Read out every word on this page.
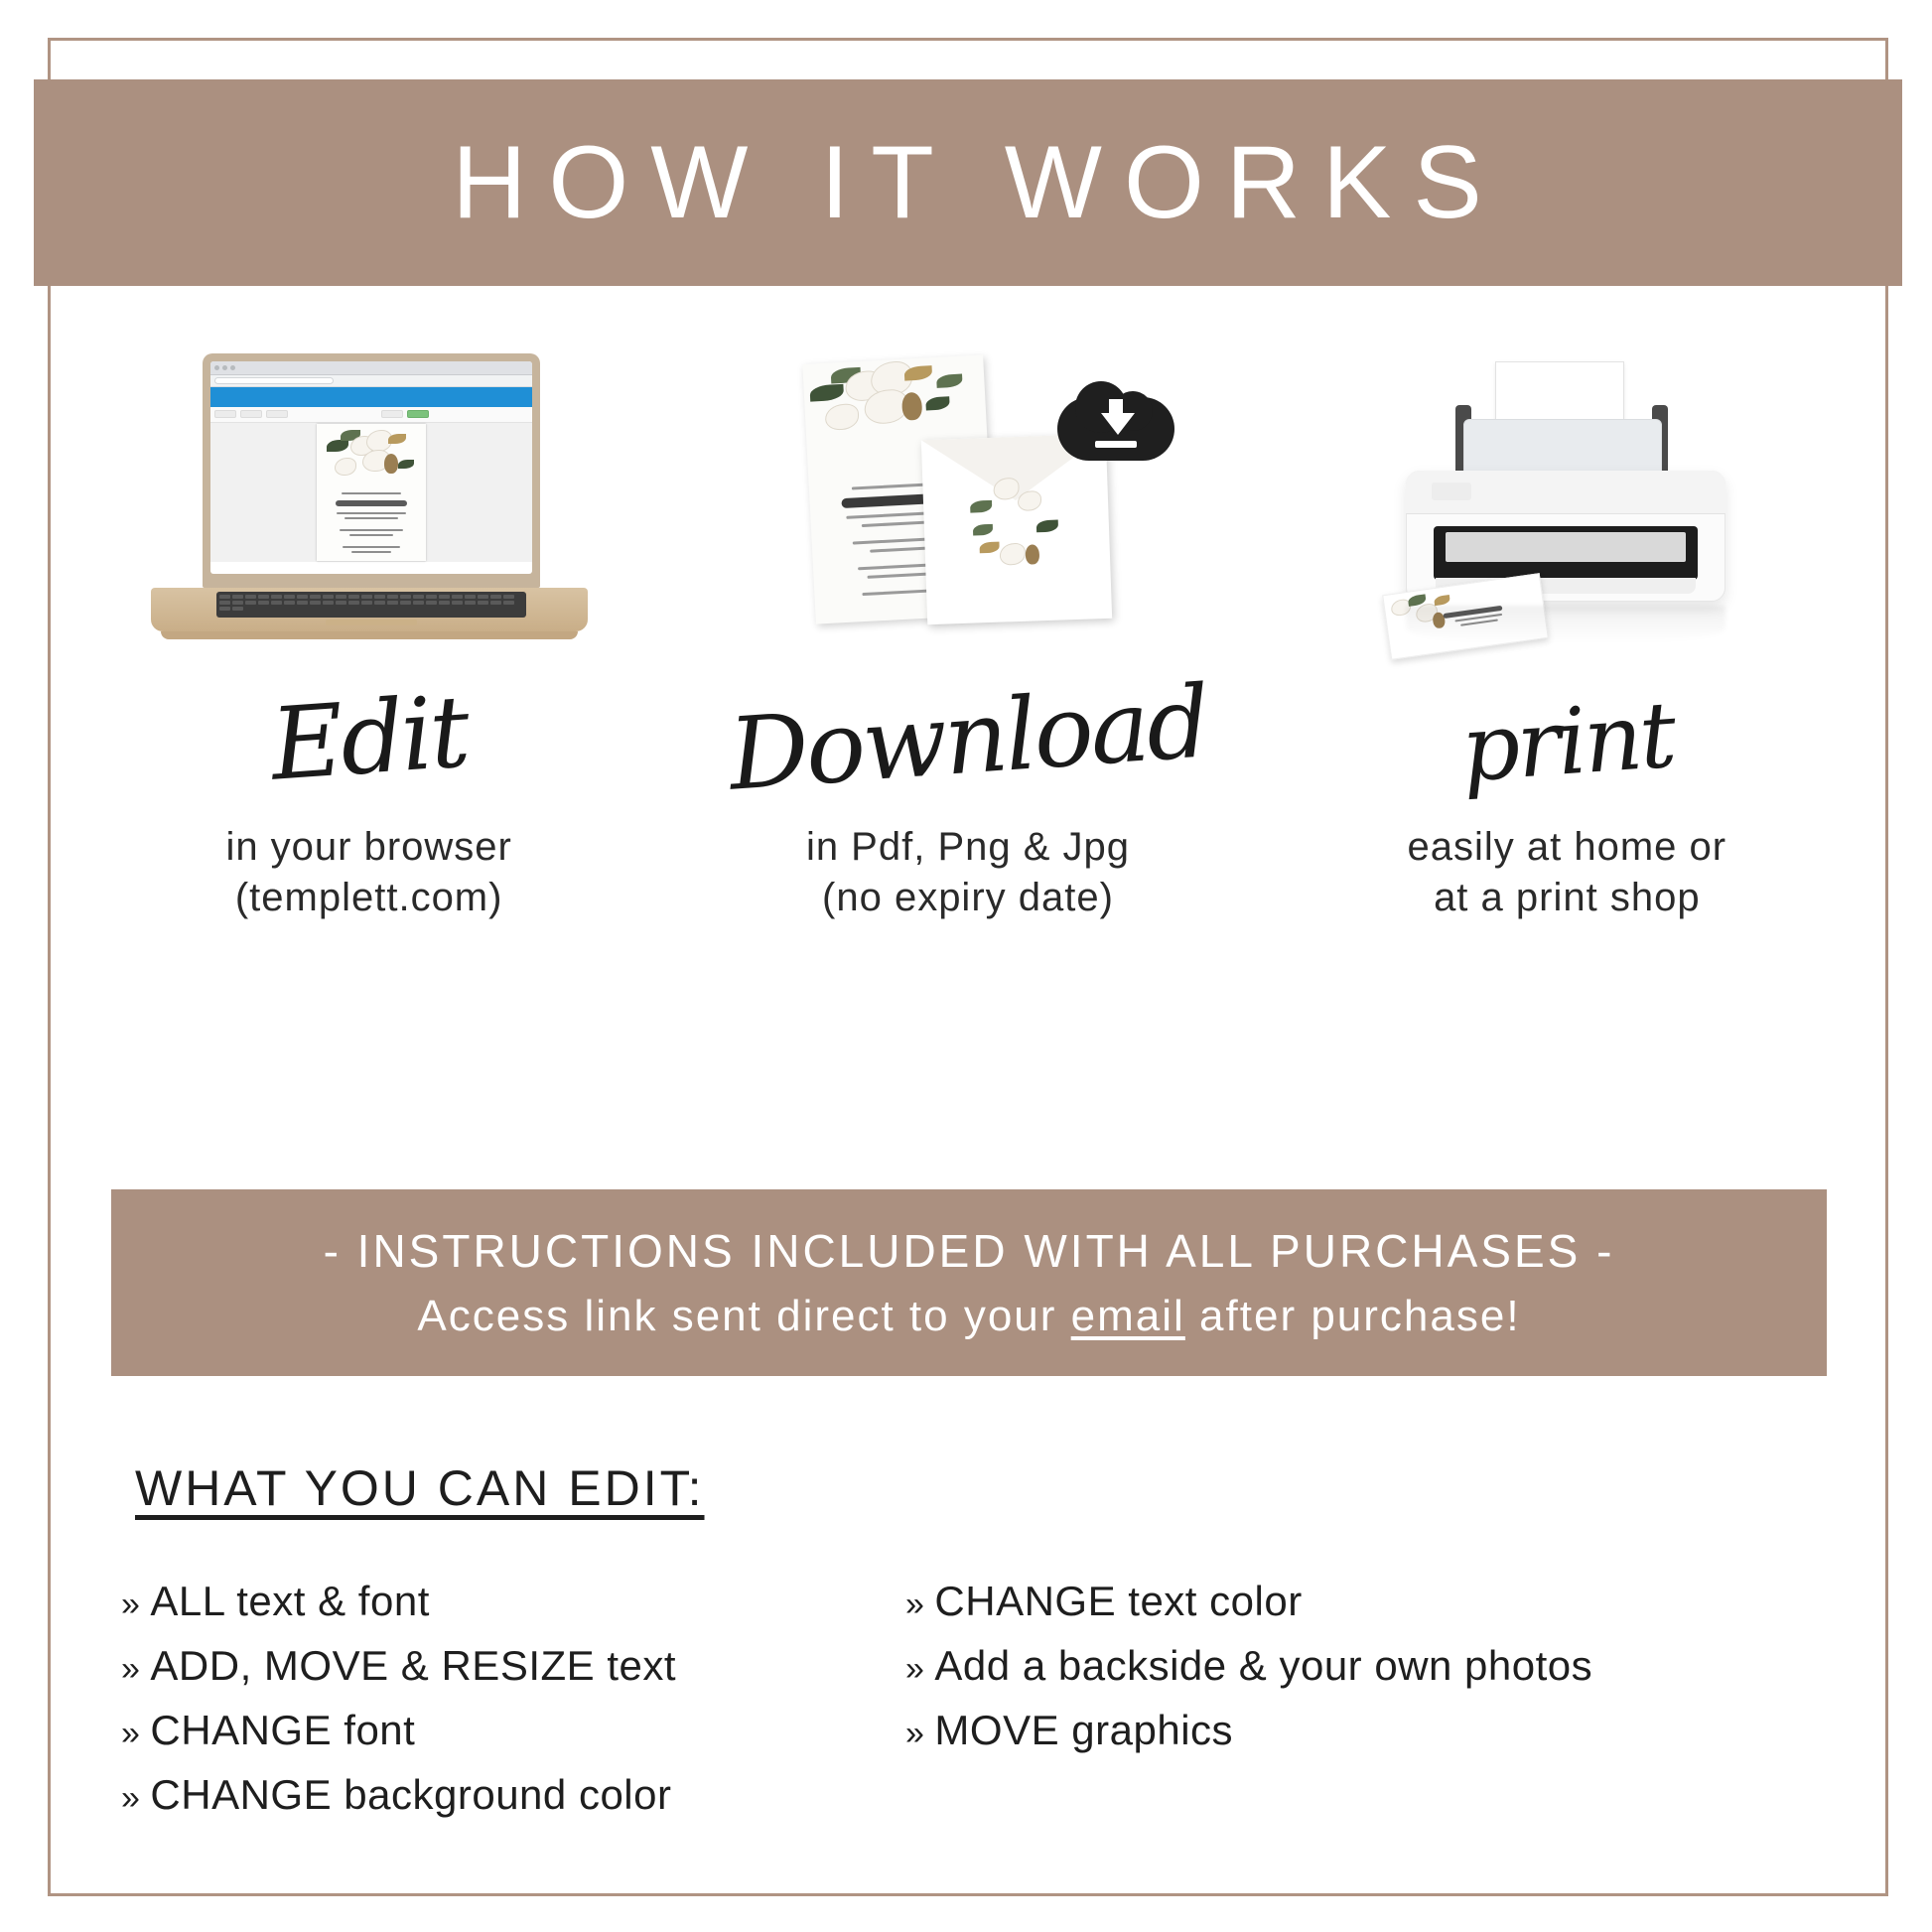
HOW IT WORKS
Edit
in your browser
(templett.com)
Download
in Pdf, Png & Jpg
(no expiry date)
print
easily at home or
at a print shop
- INSTRUCTIONS INCLUDED WITH ALL PURCHASES -
Access link sent direct to your email after purchase!
WHAT YOU CAN EDIT:
» ALL text & font
» ADD, MOVE & RESIZE text
» CHANGE font
» CHANGE background color
» CHANGE text color
» Add a backside & your own photos
» MOVE graphics
